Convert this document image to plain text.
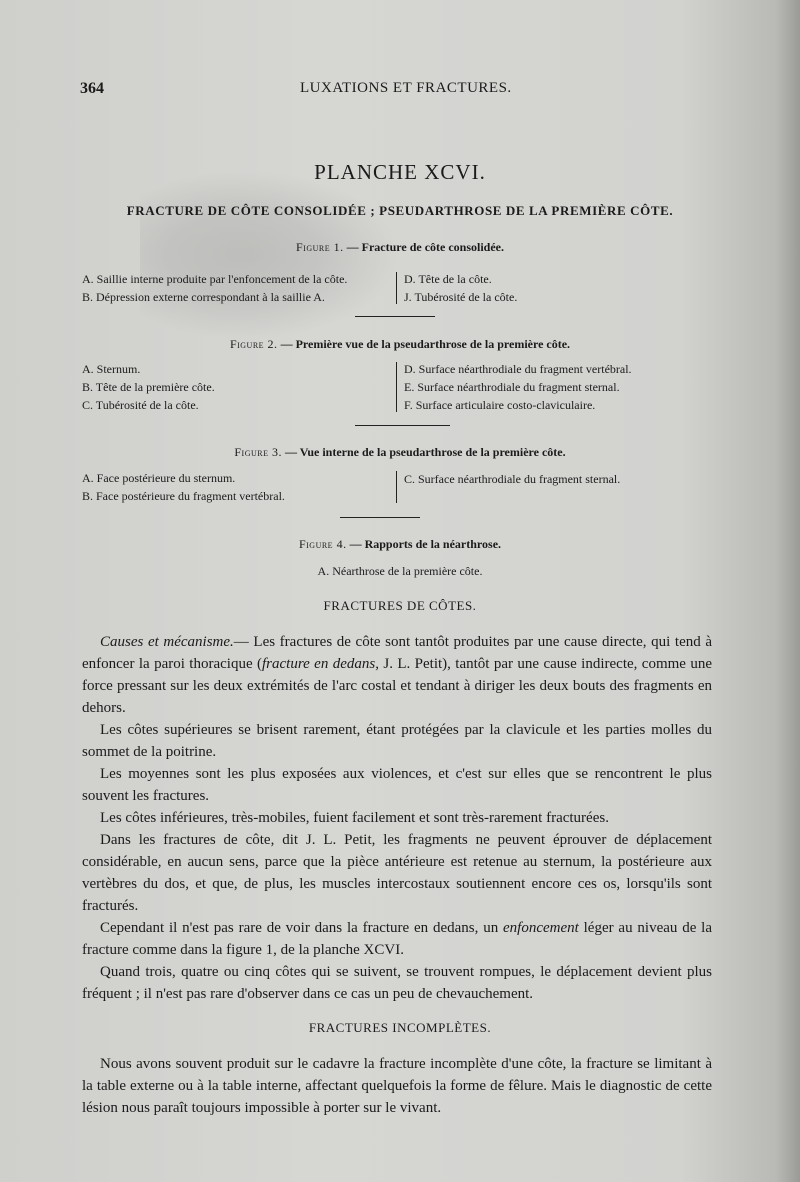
364	LUXATIONS ET FRACTURES.
PLANCHE XCVI.
FRACTURE DE CÔTE CONSOLIDÉE ; PSEUDARTHROSE DE LA PREMIÈRE CÔTE.
Figure 1. — Fracture de côte consolidée.
A. Saillie interne produite par l'enfoncement de la côte.
B. Dépression externe correspondant à la saillie A.
D. Tête de la côte.
J. Tubérosité de la côte.
Figure 2. — Première vue de la pseudarthrose de la première côte.
A. Sternum.
B. Tête de la première côte.
C. Tubérosité de la côte.
D. Surface néarthrodiale du fragment vertébral.
E. Surface néarthrodiale du fragment sternal.
F. Surface articulaire costo-claviculaire.
Figure 3. — Vue interne de la pseudarthrose de la première côte.
A. Face postérieure du sternum.
B. Face postérieure du fragment vertébral.
C. Surface néarthrodiale du fragment sternal.
Figure 4. — Rapports de la néarthrose.
A. Néarthrose de la première côte.
FRACTURES DE CÔTES.

Causes et mécanisme.— Les fractures de côte sont tantôt produites par une cause directe, qui tend à enfoncer la paroi thoracique (fracture en dedans, J. L. Petit), tantôt par une cause indirecte, comme une force pressant sur les deux extrémités de l'arc costal et tendant à diriger les deux bouts des fragments en dehors.

Les côtes supérieures se brisent rarement, étant protégées par la clavicule et les parties molles du sommet de la poitrine.

Les moyennes sont les plus exposées aux violences, et c'est sur elles que se rencontrent le plus souvent les fractures.

Les côtes inférieures, très-mobiles, fuient facilement et sont très-rarement fracturées.

Dans les fractures de côte, dit J. L. Petit, les fragments ne peuvent éprouver de déplacement considérable, en aucun sens, parce que la pièce antérieure est retenue au sternum, la postérieure aux vertèbres du dos, et que, de plus, les muscles intercostaux soutiennent encore ces os, lorsqu'ils sont fracturés.

Cependant il n'est pas rare de voir dans la fracture en dedans, un enfoncement léger au niveau de la fracture comme dans la figure 1, de la planche XCVI.

Quand trois, quatre ou cinq côtes qui se suivent, se trouvent rompues, le déplacement devient plus fréquent ; il n'est pas rare d'observer dans ce cas un peu de chevauchement.

FRACTURES INCOMPLÈTES.

Nous avons souvent produit sur le cadavre la fracture incomplète d'une côte, la fracture se limitant à la table externe ou à la table interne, affectant quelquefois la forme de fêlure. Mais le diagnostic de cette lésion nous paraît toujours impossible à porter sur le vivant.
